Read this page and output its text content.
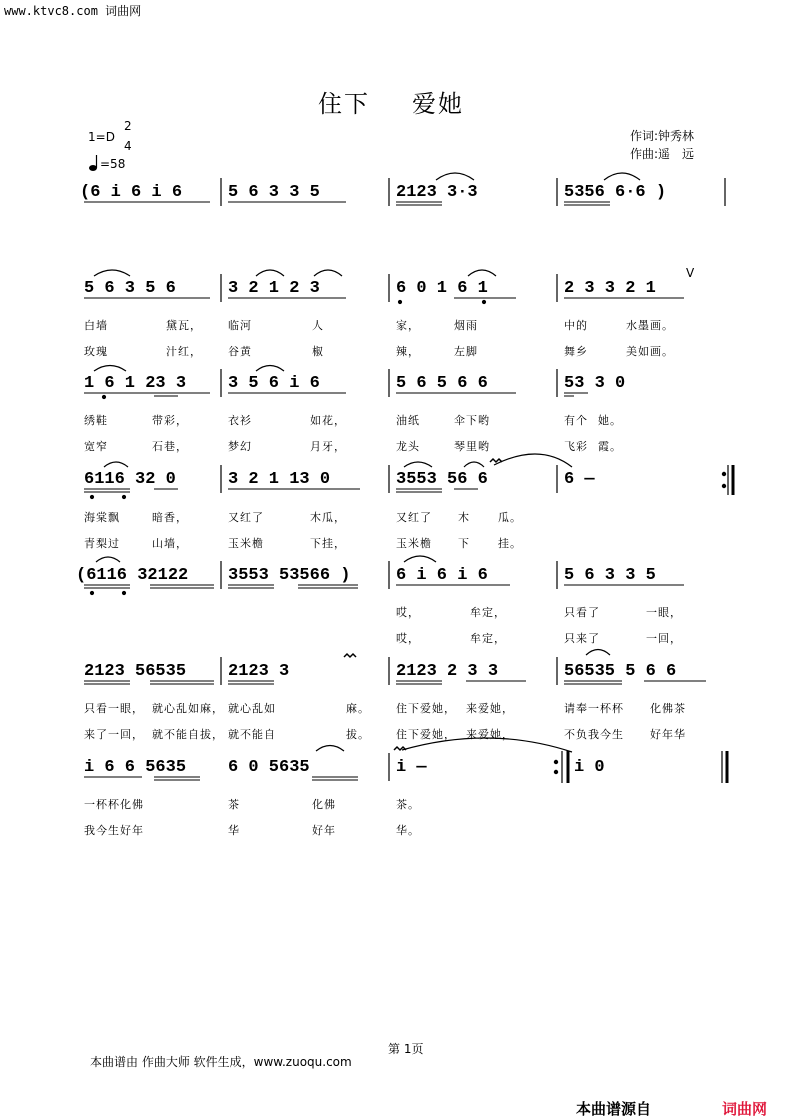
www.ktvc8.com 词曲网
住下 爱她
1=D
2
4
=58
作词:钟秀林
作曲:遥　远
(6 i 6 i 6	5 6 3 3 5	2123 3·3	5356 6·6 )
5 6 3 5 6	3 2 1 2 3	6 0 1 6 1	2 3 3 2 1
V
白墙	黛瓦， 临河	人	家，	烟雨	中的	水墨画。
玫瑰	汁红， 谷黄	椒	辣，	左脚	舞乡	美如画。
1 6 1 23 3 3 5 6 i 6	5 6 5 6 6	53 3 0
绣鞋	带彩，	衣衫	如花，	油纸	伞下哟	有个 她。
宽窄	石巷，	梦幻	月牙，	龙头	琴里哟	飞彩 霞。
6116 32 0	3 2 1 13 0	3553 56 6	6 —
海棠飘	暗香，	又红了	木瓜，	又红了 木	瓜。
青梨过	山墙，	玉米檐	下挂，	玉米檐 下	挂。
(6116 32122 3553 53566 )	6 i 6 i 6	5 6 3 3 5
哎，	牟定，	只看了	一眼，
哎，	牟定，	只来了	一回，
2123 56535 2123 3	2123 2 3 3	56535 5 6 6
只看一眼， 就心乱如麻， 就心乱如	麻。 住下爱她， 来爱她，	请奉一杯杯 化佛茶
来了一回， 就不能自拔， 就不能自	拔。 住下爱她， 来爱她，	不负我今生 好年华
i 6 6 5635 6 0 5635	i —	i 0
一杯杯化佛	茶	化佛	茶。
我今生好年	华	好年	华。
第 1页
本曲谱由 作曲大师 软件生成，www.zuoqu.com
本曲谱源自	词曲网
